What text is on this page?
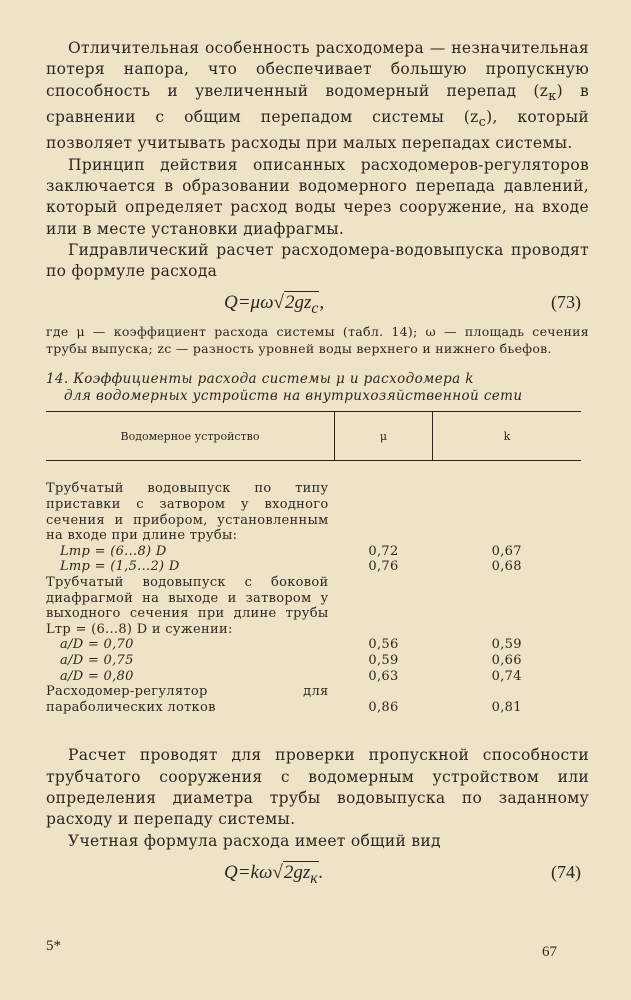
Отличительная особенность расходомера — незначительная потеря напора, что обеспечивает большую пропускную способность и увеличенный водомерный перепад $(z_к)$ в сравнении с общим перепадом системы $(z_с)$, который позволяет учитывать расходы при малых перепадах системы.

Принцип действия описанных расходомеров-регуляторов заключается в образовании водомерного перепада давлений, который определяет расход воды через сооружение, на входе или в месте установки диафрагмы.

Гидравлический расчет расходомера-водовыпуска проводят по формуле расхода

$Q=\mu\omega√2gz_с$,	(73)

где μ — коэффициент расхода системы (табл. 14); ω — площадь сечения трубы выпуска; zс — разность уровней воды верхнего и нижнего бьефов.

14. Коэффициенты расхода системы μ и расходомера k
для водомерных устройств на внутрихозяйственной сети
Водомерное устройство	μ	k
Трубчатый водовыпуск по типу приставки с затвором у входного сечения и прибором, установленным на входе при длине трубы:		
Lтр = (6...8) D	0,72	0,67
Lтр = (1,5...2) D	0,76	0,68
Трубчатый водовыпуск с боковой диафрагмой на выходе и затвором у выходного сечения при длине трубы Lтр = (6...8) D и сужении:		
a/D = 0,70	0,56	0,59
a/D = 0,75	0,59	0,66
a/D = 0,80	0,63	0,74
Расходомер-регулятор для параболических лотков	0,86	0,81

Расчет проводят для проверки пропускной способности трубчатого сооружения с водомерным устройством или определения диаметра трубы водовыпуска по заданному расходу и перепаду системы.

Учетная формула расхода имеет общий вид

$Q=k\omega√2gz_к$.	(74)
5*	67
